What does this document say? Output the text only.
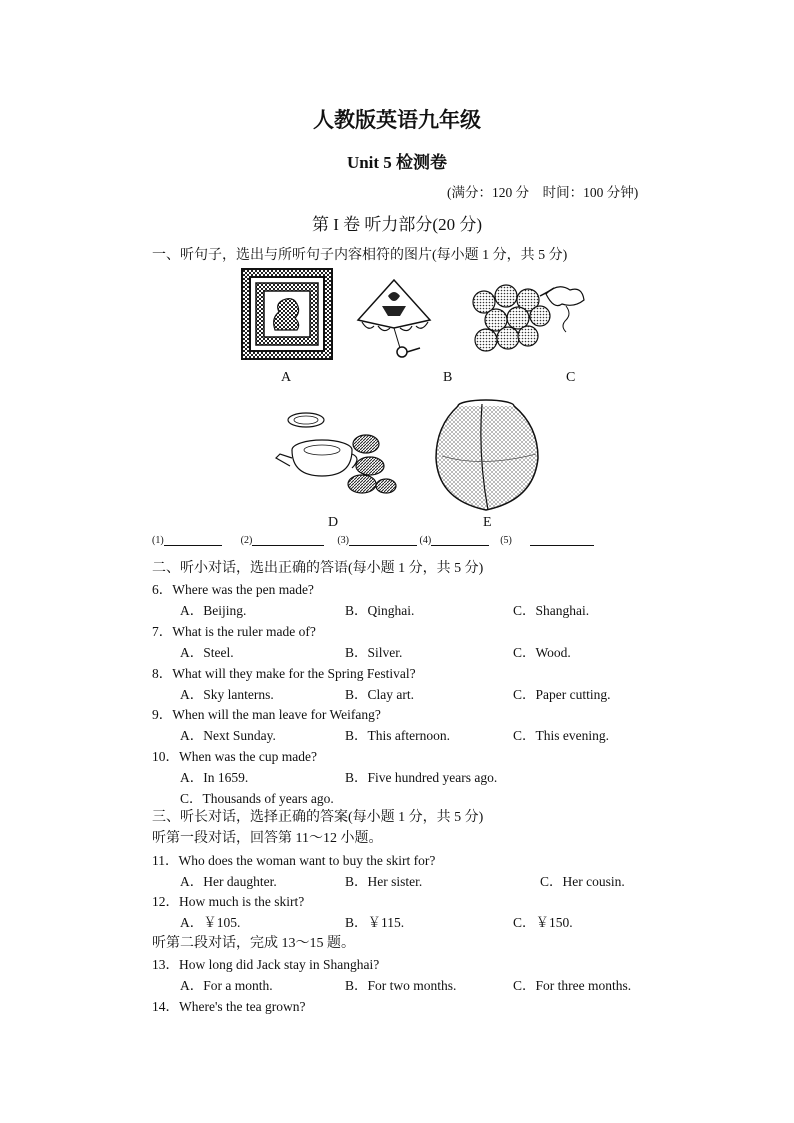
人教版英语九年级
Unit 5 检测卷
(满分：120 分　时间：100 分钟)
第 I 卷 听力部分(20 分)
一、听句子，选出与所听句子内容相符的图片(每小题 1 分，共 5 分)
A	B	C
D	E
(1)	(2)	(3)	(4)	(5)
二、听小对话，选出正确的答语(每小题 1 分，共 5 分)
6．Where was the pen made?
A．Beijing.	B．Qinghai.	C．Shanghai.
7．What is the ruler made of?
A．Steel.	B．Silver.	C．Wood.
8．What will they make for the Spring Festival?
A．Sky lanterns.	B．Clay art.	C．Paper cutting.
9．When will the man leave for Weifang?
A．Next Sunday.	B．This afternoon.	C．This evening.
10．When was the cup made?
A．In 1659.	B．Five hundred years ago.
C．Thousands of years ago.
三、听长对话，选择正确的答案(每小题 1 分，共 5 分)
听第一段对话，回答第 11～12 小题。
11．Who does the woman want to buy the skirt for?
A．Her daughter.	B．Her sister.	C．Her cousin.
12．How much is the skirt?
A．￥105.	B．￥115.	C．￥150.
听第二段对话，完成 13～15 题。
13．How long did Jack stay in Shanghai?
A．For a month.	B．For two months.	C．For three months.
14．Where's the tea grown?
